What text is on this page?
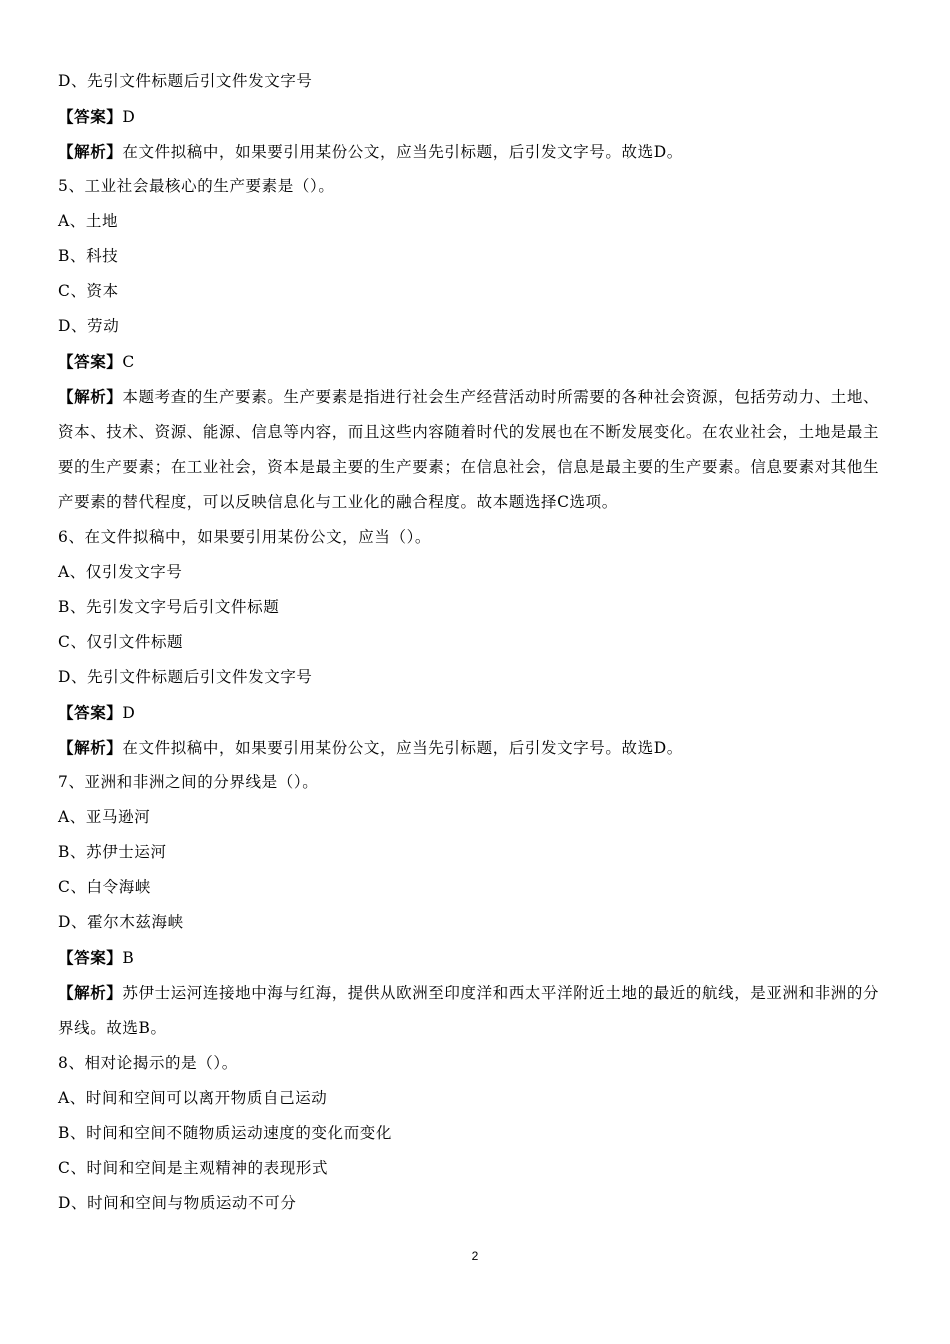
D、先引文件标题后引文件发文字号
【答案】D
【解析】在文件拟稿中，如果要引用某份公文，应当先引标题，后引发文字号。故选D。
5、工业社会最核心的生产要素是（）。
A、土地
B、科技
C、资本
D、劳动
【答案】C
【解析】本题考查的生产要素。生产要素是指进行社会生产经营活动时所需要的各种社会资源，包括劳动力、土地、资本、技术、资源、能源、信息等内容，而且这些内容随着时代的发展也在不断发展变化。在农业社会，土地是最主要的生产要素；在工业社会，资本是最主要的生产要素；在信息社会，信息是最主要的生产要素。信息要素对其他生产要素的替代程度，可以反映信息化与工业化的融合程度。故本题选择C选项。
6、在文件拟稿中，如果要引用某份公文，应当（）。
A、仅引发文字号
B、先引发文字号后引文件标题
C、仅引文件标题
D、先引文件标题后引文件发文字号
【答案】D
【解析】在文件拟稿中，如果要引用某份公文，应当先引标题，后引发文字号。故选D。
7、亚洲和非洲之间的分界线是（）。
A、亚马逊河
B、苏伊士运河
C、白令海峡
D、霍尔木兹海峡
【答案】B
【解析】苏伊士运河连接地中海与红海，提供从欧洲至印度洋和西太平洋附近土地的最近的航线，是亚洲和非洲的分界线。故选B。
8、相对论揭示的是（）。
A、时间和空间可以离开物质自己运动
B、时间和空间不随物质运动速度的变化而变化
C、时间和空间是主观精神的表现形式
D、时间和空间与物质运动不可分
2
